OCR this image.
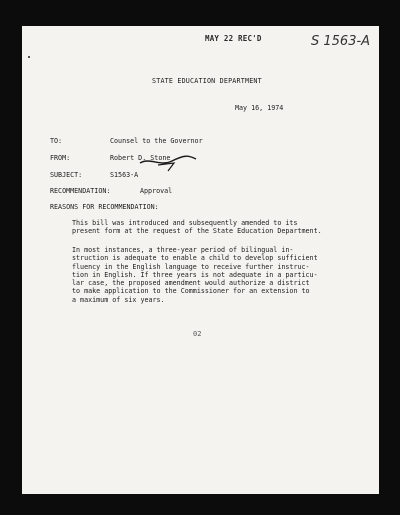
MAY 22 REC'D	S 1563-A
STATE EDUCATION DEPARTMENT
May 16, 1974
TO:	Counsel to the Governor
FROM:	Robert D. Stone
SUBJECT:	S1563-A
RECOMMENDATION:	Approval
REASONS FOR RECOMMENDATION:
This bill was introduced and subsequently amended to its
present form at the request of the State Education Department.
In most instances, a three-year period of bilingual in-
struction is adequate to enable a child to develop sufficient
fluency in the English language to receive further instruc-
tion in English. If three years is not adequate in a particu-
lar case, the proposed amendment would authorize a district
to make application to the Commissioner for an extension to
a maximum of six years.
02
